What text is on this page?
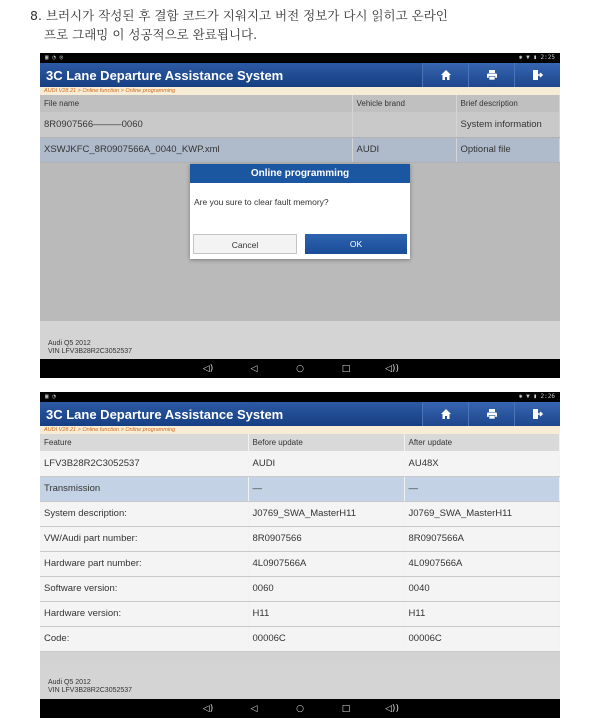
8. 브러시가 작성된 후 결함 코드가 지워지고 버전 정보가 다시 읽히고 온라인
프로 그래밍 이 성공적으로 완료됩니다.
▣ ◔ ◎	✱ ▼ ▮ 2:25
3C Lane Departure Assistance System
AUDI V28.21 > Online function > Online programming
File name	Vehicle brand	Brief description
8R0907566———0060		System information
XSWJKFC_8R0907566A_0040_KWP.xml	AUDI	Optional file
Audi Q5 2012
VIN LFV3B28R2C3052537
Online programming
Are you sure to clear fault memory?
Cancel	OK
◁)	◁	○	□	◁))
▣ ◔	✱ ▼ ▮ 2:26
3C Lane Departure Assistance System
AUDI V28.21 > Online function > Online programming
Feature	Before update	After update
LFV3B28R2C3052537	AUDI	AU48X
Transmission	—	—
System description:	J0769_SWA_MasterH11	J0769_SWA_MasterH11
VW/Audi part number:	8R0907566	8R0907566A
Hardware part number:	4L0907566A	4L0907566A
Software version:	0060	0040
Hardware version:	H11	H11
Code:	00006C	00006C
Audi Q5 2012
VIN LFV3B28R2C3052537
◁)	◁	○	□	◁))
